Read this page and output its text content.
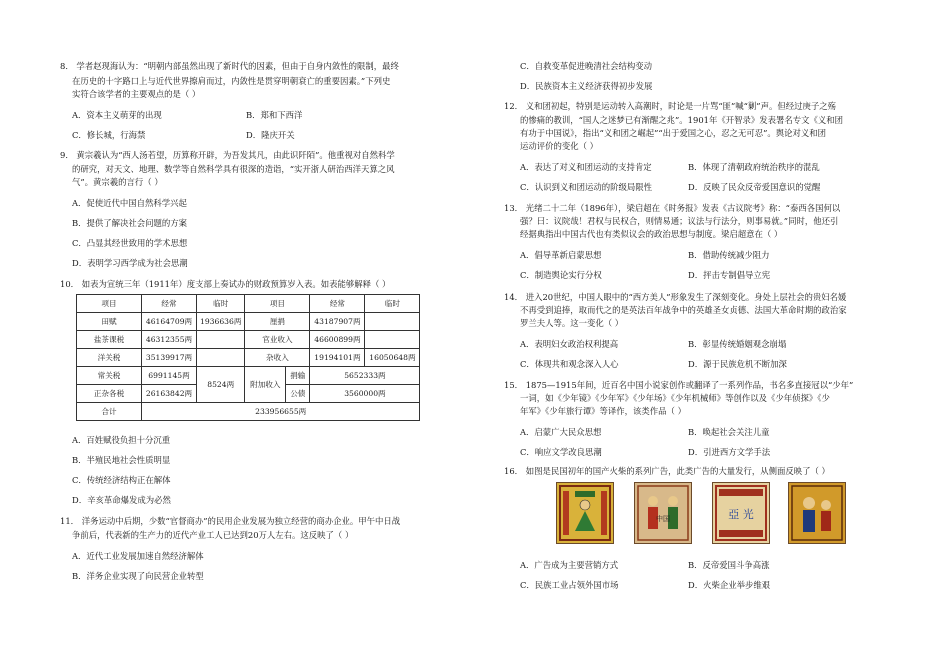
8． 学者赵现海认为：“明朝内部虽然出现了新时代的因素，但由于自身内敛性的限制，最终
在历史的十字路口上与近代世界擦肩而过，内敛性是贯穿明朝衰亡的重要因素。”下列史
实符合该学者的主要观点的是（ ）
A．资本主义萌芽的出现	B．郑和下西洋
C．修长城，行海禁	D．隆庆开关
9． 黄宗羲认为“西人汤若望，历算称开辟，为吾发其凡，由此识阡陌”。他重视对自然科学
的研究，对天文、地理、数学等自然科学具有很深的造诣，“实开浙人研治西洋天算之风
气”。黄宗羲的言行（ ）
A．促使近代中国自然科学兴起
B．提供了解决社会问题的方案
C．凸显其经世致用的学术思想
D．表明学习西学成为社会思潮
10． 如表为宣统三年（1911年）度支部上奏试办的财政预算岁入表。如表能够解释（ ）
项目	经常	临时	项目		经常	临时
田赋	46164709两	1936636两	厘捐		43187907两	
盐茶课税	46312355两		官业收入		46600899两	
洋关税	35139917两		杂收入		19194101两	16050648两
常关税	6991145两	8524两	附加收入	捐输	5652333两	
正杂各税	26163842两			公债	3560000两	
合计	233956655两					
A．百姓赋役负担十分沉重
B．半殖民地社会性质明显
C．传统经济结构正在解体
D．辛亥革命爆发成为必然
11． 洋务运动中后期，少数“官督商办”的民用企业发展为独立经营的商办企业。甲午中日战
争前后，代表新的生产力的近代产业工人已达到20万人左右。这反映了（ ）
A．近代工业发展加速自然经济解体
B．洋务企业实现了向民营企业转型
C．自救变革促进晚清社会结构变动
D．民族资本主义经济获得初步发展
12． 义和团初起，特别是运动转入高潮时，时论是一片骂“匪”喊“剿”声。但经过庚子之殇
的惨痛的教训，“国人之迷梦已有渐醒之兆”。1901年《开智录》发表署名专文《义和团
有功于中国说》，指出“义和团之崛起”“出于爱国之心，忍之无可忍”。舆论对义和团
运动评价的变化（ ）
A．表达了对义和团运动的支持肯定	B．体现了清朝政府统治秩序的混乱
C．认识到义和团运动的阶级局限性	D．反映了民众反帝爱国意识的觉醒
13． 光绪二十二年（1896年），梁启超在《时务报》发表《古议院考》称：“泰西各国何以
强？曰：议院哉！君权与民权合，则情易通；议法与行法分，则事易就。”同时，他还引
经据典指出中国古代也有类似议会的政治思想与制度。梁启超意在（ ）
A．倡导革新启蒙思想	B．借助传统减少阻力
C．制造舆论实行分权	D．抨击专制倡导立宪
14． 进入20世纪，中国人眼中的“西方美人”形象发生了深刻变化。身处上层社会的贵妇名媛
不再受到追捧，取而代之的是英法百年战争中的英雄圣女贞德、法国大革命时期的政治家
罗兰夫人等。这一变化（ ）
A．表明妇女政治权利提高	B．彰显传统婚姻观念崩塌
C．体现共和观念深入人心	D．源于民族危机不断加深
15． 1875—1915年间，近百名中国小说家创作或翻译了一系列作品，书名多直接冠以“少年”
一词，如《少年镜》《少年军》《少年场》《少年机械师》等创作以及《少年侦探》《少
年军》《少年旅行谭》等译作，该类作品（ ）
A．启蒙广大民众思想	B．唤起社会关注儿童
C．响应文学改良思潮	D．引进西方文学手法
16． 如图是民国初年的国产火柴的系列广告，此类广告的大量发行，从侧面反映了（ ）
中国	亞 光
A．广告成为主要营销方式	B．反帝爱国斗争高涨
C．民族工业占领外国市场	D．火柴企业举步维艰
